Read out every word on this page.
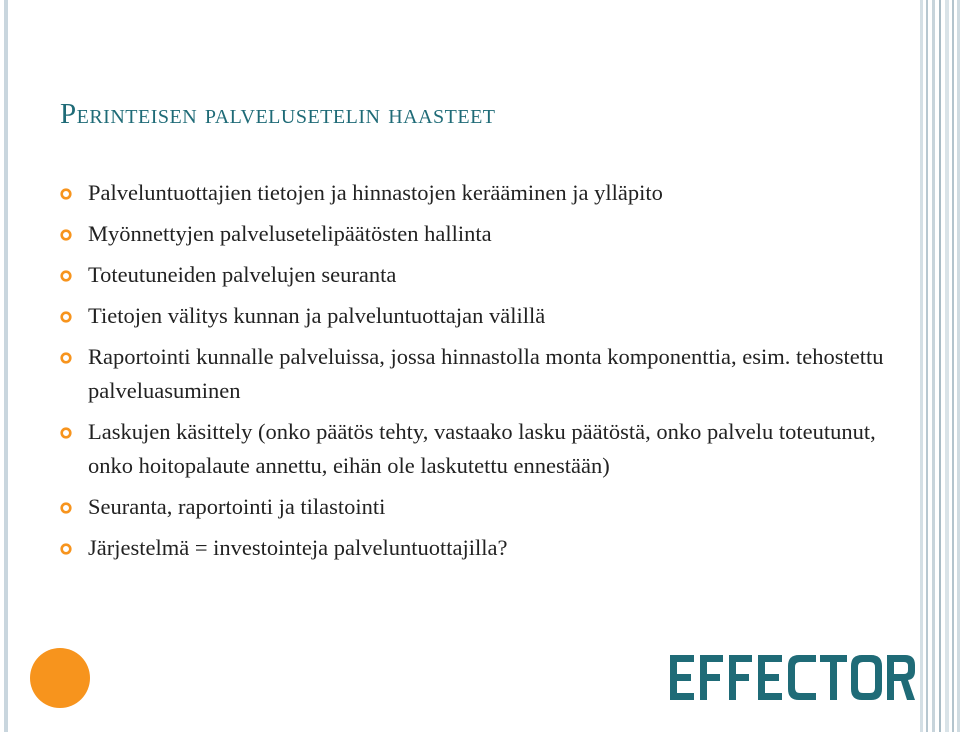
Perinteisen palvelusetelin haasteet
Palveluntuottajien tietojen ja hinnastojen kerääminen ja ylläpito
Myönnettyjen palvelusetelipäätösten hallinta
Toteutuneiden palvelujen seuranta
Tietojen välitys kunnan ja palveluntuottajan välillä
Raportointi kunnalle palveluissa, jossa hinnastolla monta komponenttia, esim. tehostettu palveluasuminen
Laskujen käsittely (onko päätös tehty, vastaako lasku päätöstä, onko palvelu toteutunut, onko hoitopalaute annettu, eihän ole laskutettu ennestään)
Seuranta, raportointi ja tilastointi
Järjestelmä = investointeja palveluntuottajilla?
